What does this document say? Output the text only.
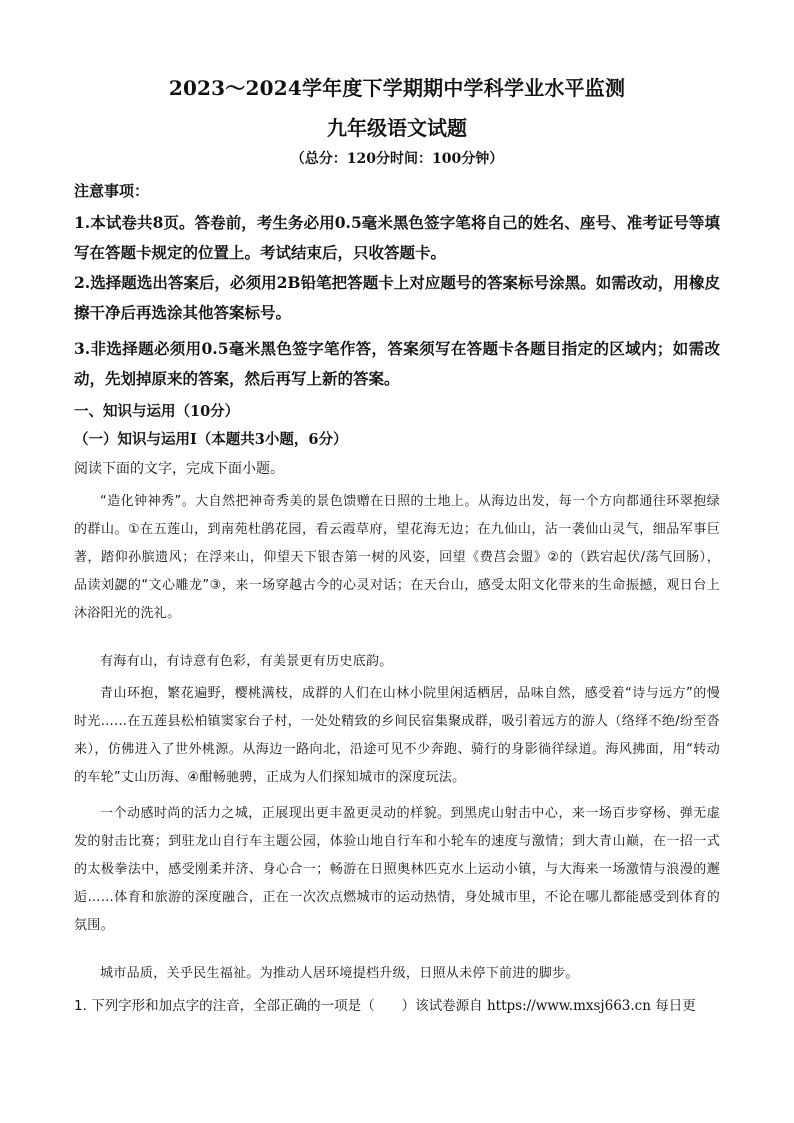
2023～2024学年度下学期期中学科学业水平监测
九年级语文试题
（总分：120分时间：100分钟）
注意事项：
1.本试卷共8页。答卷前，考生务必用0.5毫米黑色签字笔将自己的姓名、座号、准考证号等填写在答题卡规定的位置上。考试结束后，只收答题卡。
2.选择题选出答案后，必须用2B铅笔把答题卡上对应题号的答案标号涂黑。如需改动，用橡皮擦干净后再选涂其他答案标号。
3.非选择题必须用0.5毫米黑色签字笔作答，答案须写在答题卡各题目指定的区域内；如需改动，先划掉原来的答案，然后再写上新的答案。
一、知识与运用（10分）
（一）知识与运用Ⅰ（本题共3小题，6分）
阅读下面的文字，完成下面小题。
“造化钟神秀”。大自然把神奇秀美的景色馈赠在日照的土地上。从海边出发，每一个方向都通往环翠抱绿的群山。①在五莲山，到南苑杜鹃花园，看云霞草府，望花海无边；在九仙山，沾一袭仙山灵气，细品军事巨著，踏仰孙膑遗风；在浮来山，仰望天下银杏第一树的风姿，回望《费莒会盟》②的（跌宕起伏/荡气回肠），品读刘勰的“文心雕龙”③，来一场穿越古今的心灵对话；在天台山，感受太阳文化带来的生命振撼，观日台上沐浴阳光的洗礼。
有海有山，有诗意有色彩，有美景更有历史底韵。
青山环抱，繁花遍野，樱桃满枝，成群的人们在山林小院里闲适栖居，品味自然，感受着“诗与远方”的慢时光……在五莲县松柏镇窦家台子村，一处处精致的乡间民宿集聚成群，吸引着远方的游人（络绎不绝/纷至沓来），仿佛进入了世外桃源。从海边一路向北，沿途可见不少奔跑、骑行的身影徜徉绿道。海风拂面，用“转动的车轮”丈山历海、④酣畅驰骋，正成为人们探知城市的深度玩法。
一个动感时尚的活力之城，正展现出更丰盈更灵动的样貌。到黑虎山射击中心，来一场百步穿杨、弹无虚发的射击比赛；到驻龙山自行车主题公园，体验山地自行车和小轮车的速度与激情；到大青山巅，在一招一式的太极拳法中，感受刚柔并济、身心合一；畅游在日照奥林匹克水上运动小镇，与大海来一场激情与浪漫的邂逅……体育和旅游的深度融合，正在一次次点燃城市的运动热情，身处城市里，不论在哪儿都能感受到体育的氛围。
城市品质，关乎民生福祉。为推动人居环境提档升级，日照从未停下前进的脚步。
1. 下列字形和加点字的注音，全部正确的一项是（　　）该试卷源自 https://www.mxsj663.cn 每日更
